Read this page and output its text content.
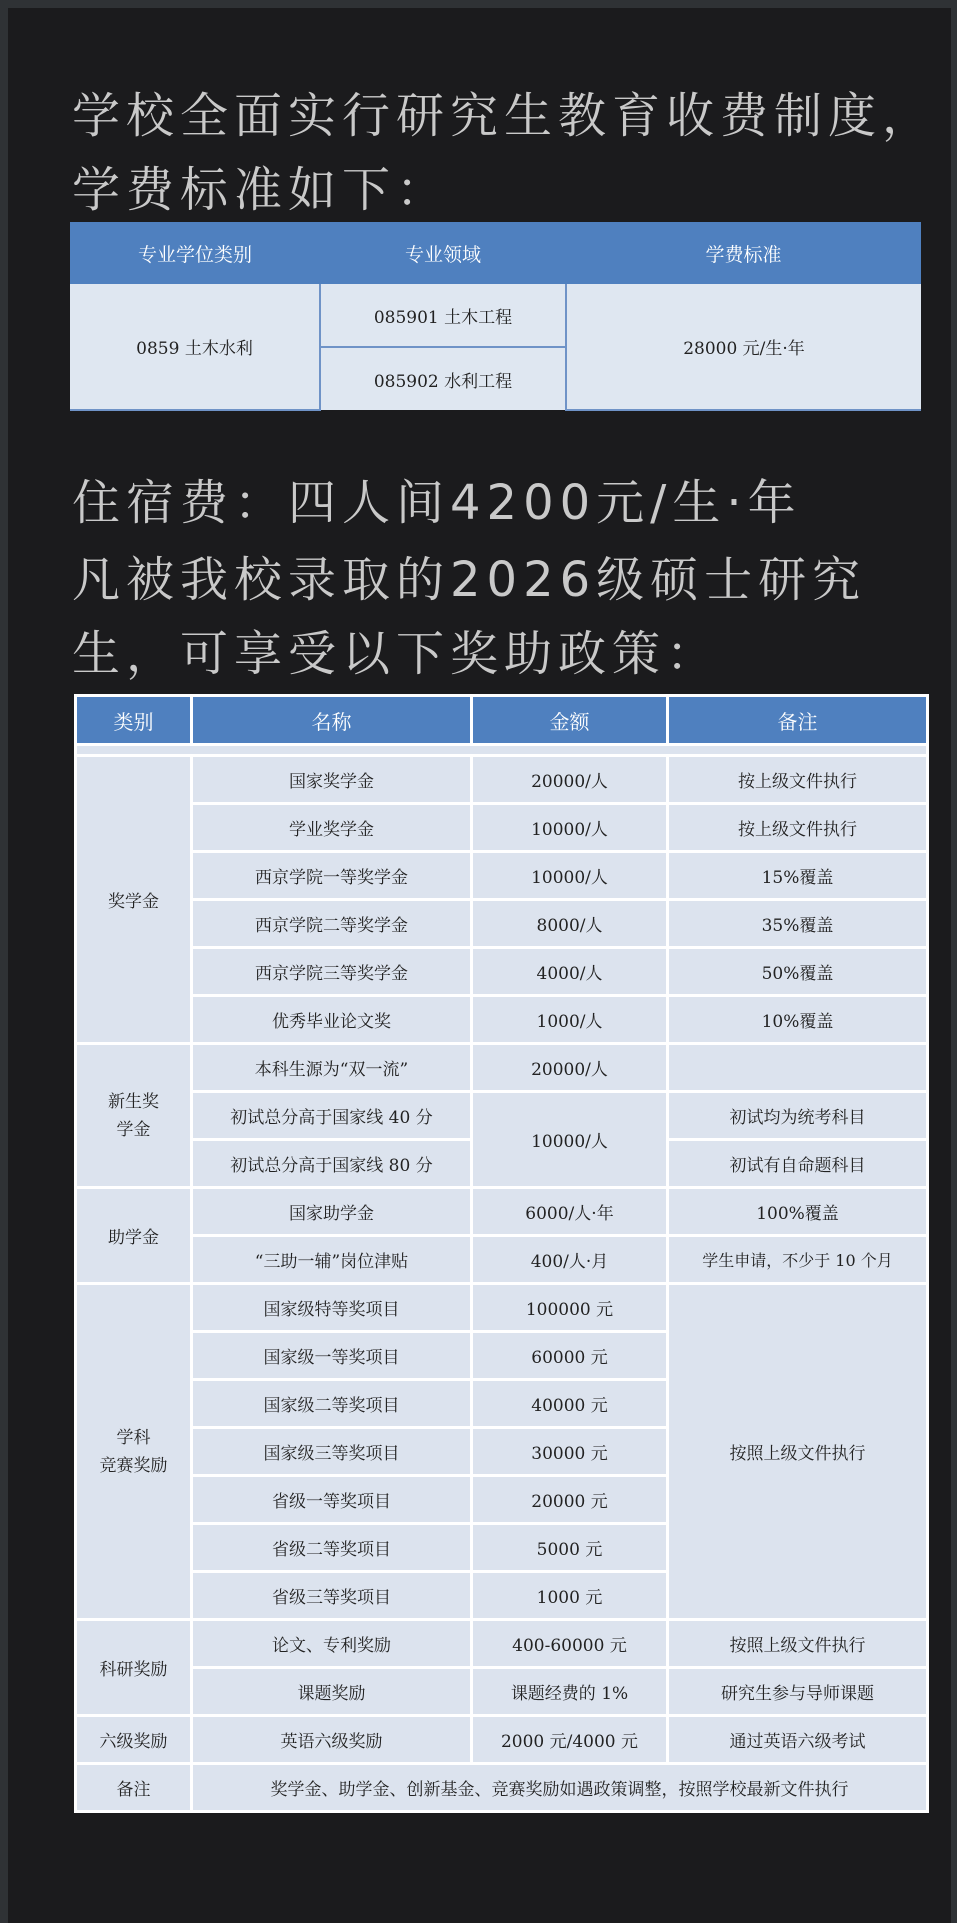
学校全面实行研究生教育收费制度，

学费标准如下：

专业学位类别	专业领域	学费标准
0859 土木水利	085901 土木工程	28000 元/生·年
	085902 水利工程	

住宿费：四人间4200元/生·年

凡被我校录取的2026级硕士研究

生，可享受以下奖助政策：

类别	名称	金额	备注

奖学金	国家奖学金	20000/人	按上级文件执行
	学业奖学金	10000/人	按上级文件执行
	西京学院一等奖学金	10000/人	15%覆盖
	西京学院二等奖学金	8000/人	35%覆盖
	西京学院三等奖学金	4000/人	50%覆盖
	优秀毕业论文奖	1000/人	10%覆盖
新生奖
学金	本科生源为“双一流”	20000/人	
	初试总分高于国家线 40 分	10000/人	初试均为统考科目
	初试总分高于国家线 80 分		初试有自命题科目
助学金	国家助学金	6000/人·年	100%覆盖
	“三助一辅”岗位津贴	400/人·月	学生申请，不少于 10 个月
学科
竞赛奖励	国家级特等奖项目	100000 元	按照上级文件执行
	国家级一等奖项目	60000 元	
	国家级二等奖项目	40000 元	
	国家级三等奖项目	30000 元	
	省级一等奖项目	20000 元	
	省级二等奖项目	5000 元	
	省级三等奖项目	1000 元	
科研奖励	论文、专利奖励	400-60000 元	按照上级文件执行
	课题奖励	课题经费的 1%	研究生参与导师课题
六级奖励	英语六级奖励	2000 元/4000 元	通过英语六级考试
备注	奖学金、助学金、创新基金、竞赛奖励如遇政策调整，按照学校最新文件执行		
